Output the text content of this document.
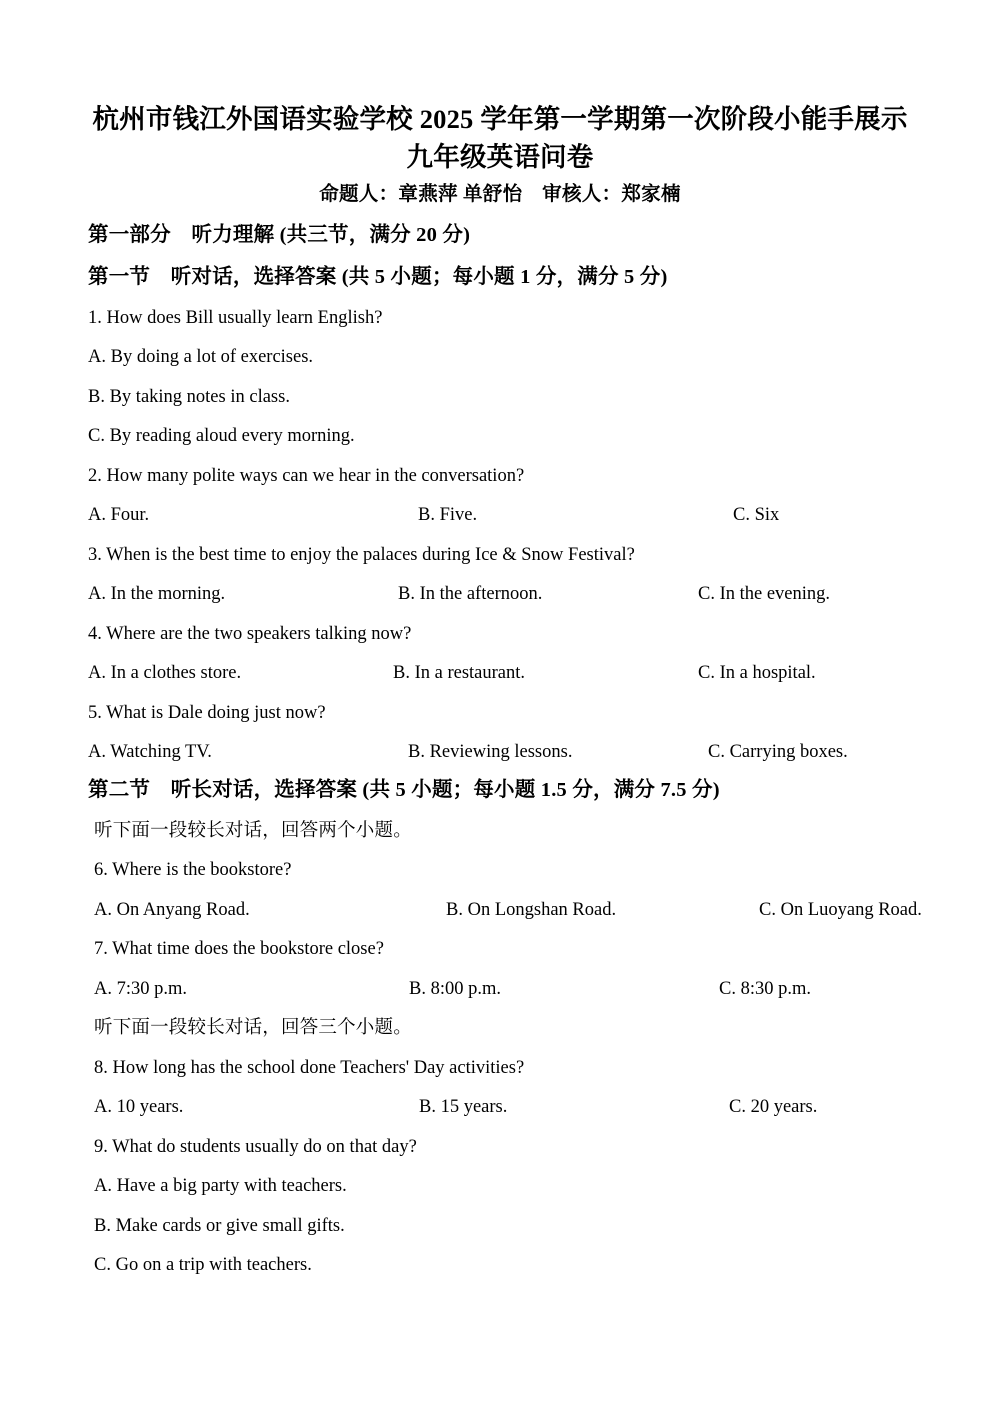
杭州市钱江外国语实验学校 2025 学年第一学期第一次阶段小能手展示
九年级英语问卷

命题人：章燕萍 单舒怡　审核人：郑家楠

第一部分　听力理解 (共三节，满分 20 分)
第一节　听对话，选择答案 (共 5 小题；每小题 1 分，满分 5 分)

1. How does Bill usually learn English?

A. By doing a lot of exercises.

B. By taking notes in class.

C. By reading aloud every morning.

2. How many polite ways can we hear in the conversation?

A. Four.	B. Five.	C. Six

3. When is the best time to enjoy the palaces during Ice & Snow Festival?

A. In the morning.	B. In the afternoon.	C. In the evening.

4. Where are the two speakers talking now?

A. In a clothes store.	B. In a restaurant.	C. In a hospital.

5. What is Dale doing just now?

A. Watching TV.	B. Reviewing lessons.	C. Carrying boxes.
第二节　听长对话，选择答案 (共 5 小题；每小题 1.5 分，满分 7.5 分)

听下面一段较长对话，回答两个小题。

6. Where is the bookstore?

A. On Anyang Road.	B. On Longshan Road.	C. On Luoyang Road.

7. What time does the bookstore close?

A. 7:30 p.m.	B. 8:00 p.m.	C. 8:30 p.m.

听下面一段较长对话，回答三个小题。

8. How long has the school done Teachers' Day activities?

A. 10 years.	B. 15 years.	C. 20 years.

9. What do students usually do on that day?

A. Have a big party with teachers.

B. Make cards or give small gifts.

C. Go on a trip with teachers.
